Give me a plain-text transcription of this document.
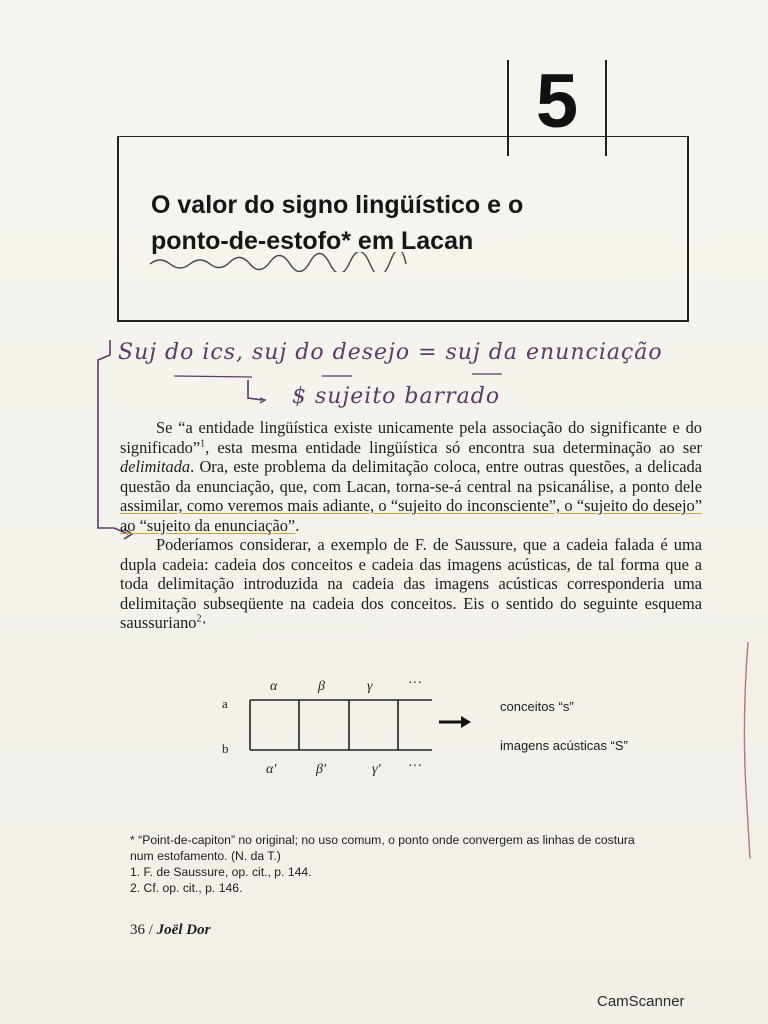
5
O valor do signo lingüístico e o
ponto-de-estofo* em Lacan
Suj do ics, suj do desejo = suj da enunciação
$ sujeito barrado

Se “a entidade lingüística existe unicamente pela associação do significante e do significado”$^1$, esta mesma entidade lingüística só encontra sua determinação ao ser delimitada. Ora, este problema da delimitação coloca, entre outras questões, a delicada questão da enunciação, que, com Lacan, torna-se-á central na psicanálise, a ponto dele assimilar, como veremos mais adiante, o “sujeito do inconsciente”, o “sujeito do desejo” ao “sujeito da enunciação”.

Poderíamos considerar, a exemplo de F. de Saussure, que a cadeia falada é uma dupla cadeia: cadeia dos conceitos e cadeia das imagens acústicas, de tal forma que a toda delimitação introduzida na cadeia das imagens acústicas corresponderia uma delimitação subseqüente na cadeia dos conceitos. Eis o sentido do seguinte esquema saussuriano$^2$·

a
b
α	β	γ	···
α'	β'	γ' ···
conceitos “s”
imagens acústicas “S”
* “Point-de-capiton” no original; no uso comum, o ponto onde convergem as linhas de costura
num estofamento. (N. da T.)
1. F. de Saussure, op. cit., p. 144.
2. Cf. op. cit., p. 146.
36 / Joël Dor
CamScanner
